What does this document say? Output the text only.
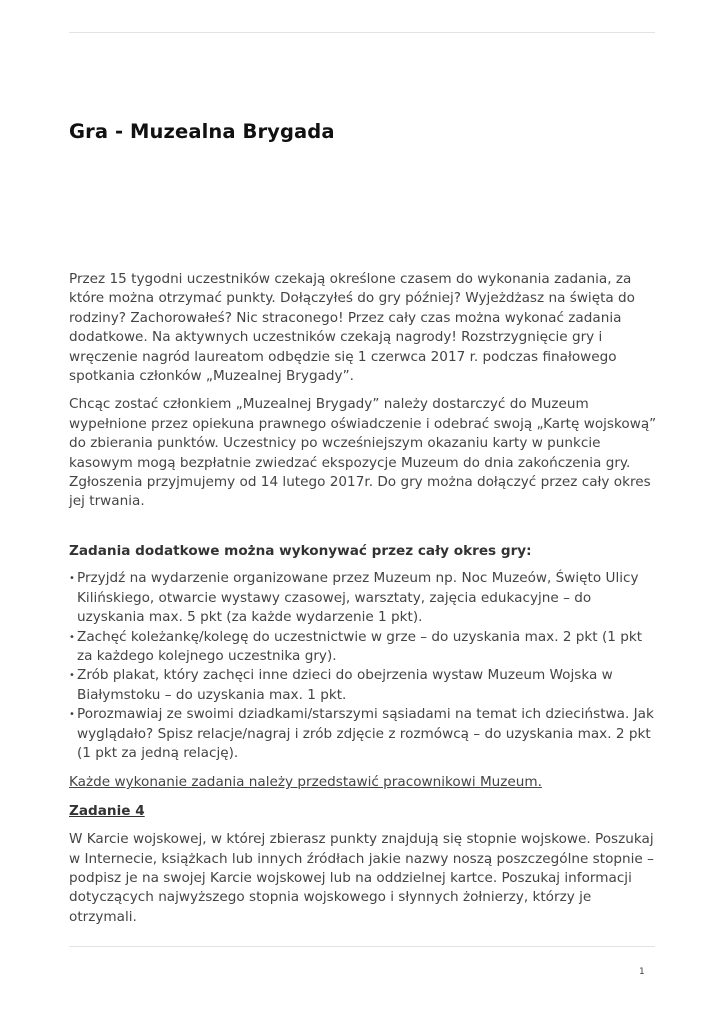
Gra - Muzealna Brygada

Przez 15 tygodni uczestników czekają określone czasem do wykonania zadania, za które można otrzymać punkty. Dołączyłeś do gry później? Wyjeżdżasz na święta do rodziny? Zachorowałeś? Nic straconego! Przez cały czas można wykonać zadania dodatkowe. Na aktywnych uczestników czekają nagrody! Rozstrzygnięcie gry i wręczenie nagród laureatom odbędzie się 1 czerwca 2017 r. podczas finałowego spotkania członków „Muzealnej Brygady”.

Chcąc zostać członkiem „Muzealnej Brygady” należy dostarczyć do Muzeum wypełnione przez opiekuna prawnego oświadczenie i odebrać swoją „Kartę wojskową” do zbierania punktów. Uczestnicy po wcześniejszym okazaniu karty w punkcie kasowym mogą bezpłatnie zwiedzać ekspozycje Muzeum do dnia zakończenia gry. Zgłoszenia przyjmujemy od 14 lutego 2017r. Do gry można dołączyć przez cały okres jej trwania.

Zadania dodatkowe można wykonywać przez cały okres gry:

• Przyjdź na wydarzenie organizowane przez Muzeum np. Noc Muzeów, Święto Ulicy Kilińskiego, otwarcie wystawy czasowej, warsztaty, zajęcia edukacyjne – do uzyskania max. 5 pkt (za każde wydarzenie 1 pkt).
• Zachęć koleżankę/kolegę do uczestnictwie w grze – do uzyskania max. 2 pkt (1 pkt za każdego kolejnego uczestnika gry).
• Zrób plakat, który zachęci inne dzieci do obejrzenia wystaw Muzeum Wojska w Białymstoku – do uzyskania max. 1 pkt.
• Porozmawiaj ze swoimi dziadkami/starszymi sąsiadami na temat ich dzieciństwa. Jak wyglądało? Spisz relacje/nagraj i zrób zdjęcie z rozmówcą – do uzyskania max. 2 pkt (1 pkt za jedną relację).

Każde wykonanie zadania należy przedstawić pracownikowi Muzeum.

Zadanie 4

W Karcie wojskowej, w której zbierasz punkty znajdują się stopnie wojskowe. Poszukaj w Internecie, książkach lub innych źródłach jakie nazwy noszą poszczególne stopnie – podpisz je na swojej Karcie wojskowej lub na oddzielnej kartce. Poszukaj informacji dotyczących najwyższego stopnia wojskowego i słynnych żołnierzy, którzy je otrzymali.

1
